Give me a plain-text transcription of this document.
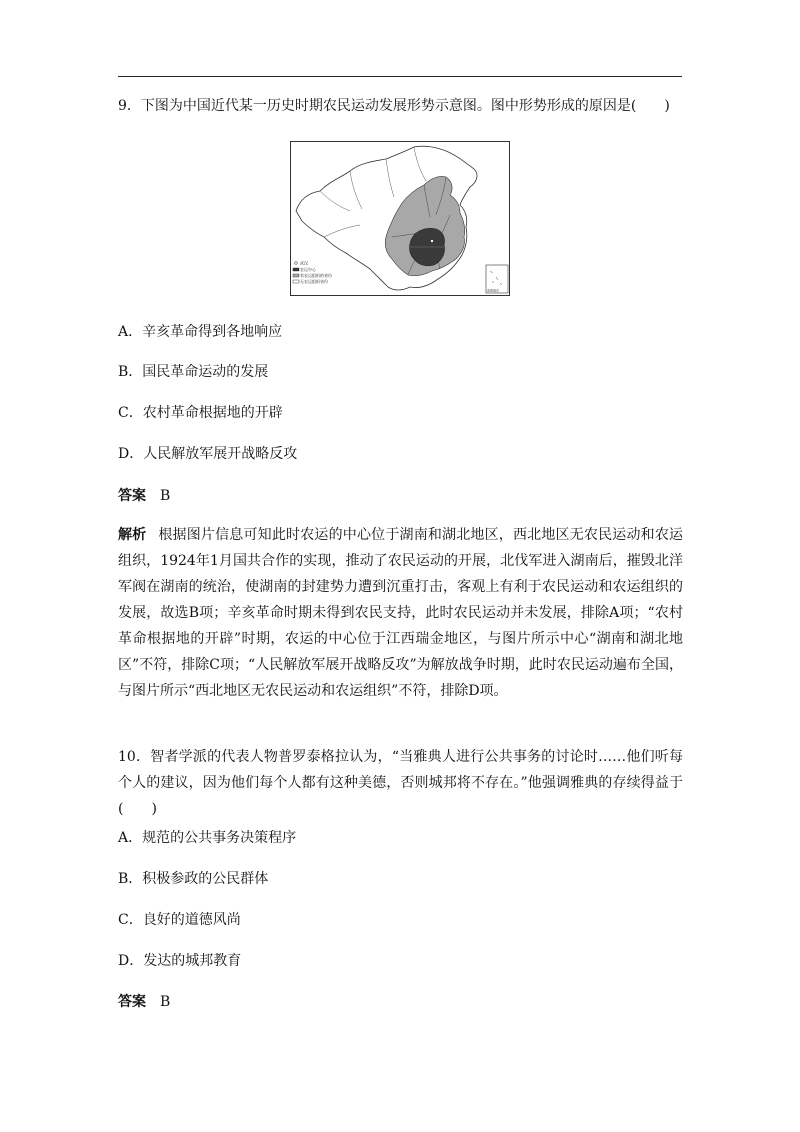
9．下图为中国近代某一历史时期农民运动发展形势示意图。图中形势形成的原因是(　　)
武汉
农运中心
有农运组织的省份
无农运组织省份
南海诸岛
A．辛亥革命得到各地响应
B．国民革命运动的发展
C．农村革命根据地的开辟
D．人民解放军展开战略反攻
答案 B
解析 根据图片信息可知此时农运的中心位于湖南和湖北地区，西北地区无农民运动和农运组织，1924年1月国共合作的实现，推动了农民运动的开展，北伐军进入湖南后，摧毁北洋军阀在湖南的统治，使湖南的封建势力遭到沉重打击，客观上有利于农民运动和农运组织的发展，故选B项；辛亥革命时期未得到农民支持，此时农民运动并未发展，排除A项；“农村革命根据地的开辟”时期，农运的中心位于江西瑞金地区，与图片所示中心“湖南和湖北地区”不符，排除C项；“人民解放军展开战略反攻”为解放战争时期，此时农民运动遍布全国，与图片所示“西北地区无农民运动和农运组织”不符，排除D项。
10．智者学派的代表人物普罗泰格拉认为，“当雅典人进行公共事务的讨论时……他们听每个人的建议，因为他们每个人都有这种美德，否则城邦将不存在。”他强调雅典的存续得益于(　　)
A．规范的公共事务决策程序
B．积极参政的公民群体
C．良好的道德风尚
D．发达的城邦教育
答案 B
